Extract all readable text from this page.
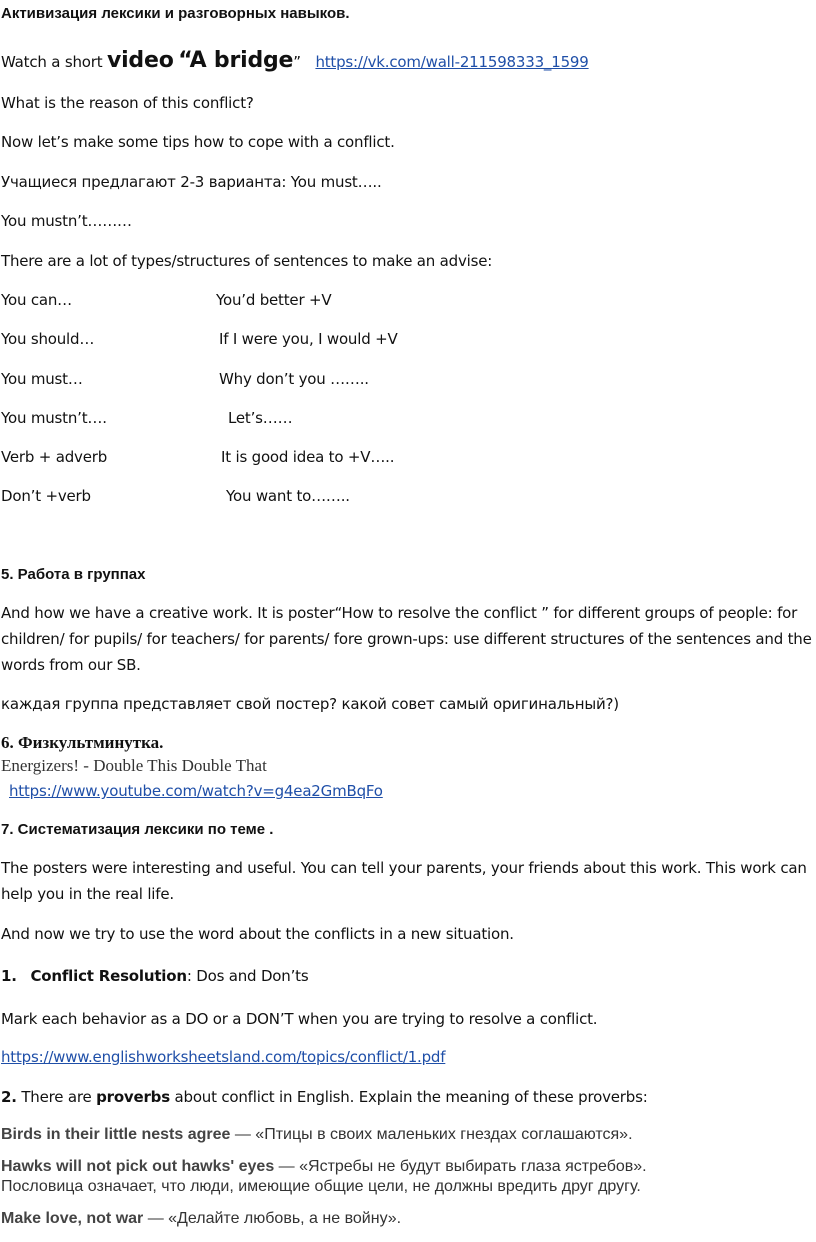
Активизация лексики и разговорных навыков.
Watch a short video “A bridge” https://vk.com/wall-211598333_1599
What is the reason of this conflict?
Now let’s make some tips how to cope with a conflict.
Учащиеся предлагают 2-3 варианта: You must…..
You mustn’t………
There are a lot of types/structures of sentences to make an advise:
You can…	You’d better +V
You should…	If I were you, I would +V
You must…	Why don’t you ……..
You mustn’t….	Let’s……
Verb + adverb	It is good idea to +V…..
Don’t +verb	You want to……..
5. Работа в группах
And how we have a creative work. It is poster“How to resolve the conflict ” for different groups of people: for children/ for pupils/ for teachers/ for parents/ fore grown-ups: use different structures of the sentences and the words from our SB.
каждая группа представляет свой постер? какой совет самый оригинальный?)
6. Физкультминутка.
Energizers! - Double This Double That
https://www.youtube.com/watch?v=g4ea2GmBqFo
7. Систематизация лексики по теме .
The posters were interesting and useful. You can tell your parents, your friends about this work. This work can help you in the real life.
And now we try to use the word about the conflicts in a new situation.
1. Conflict Resolution: Dos and Don’ts
Mark each behavior as a DO or a DON’T when you are trying to resolve a conflict.
https://www.englishworksheetsland.com/topics/conflict/1.pdf
2. There are proverbs about conflict in English. Explain the meaning of these proverbs:
Birds in their little nests agree — «Птицы в своих маленьких гнездах соглашаются».
Hawks will not pick out hawks' eyes — «Ястребы не будут выбирать глаза ястребов».
Пословица означает, что люди, имеющие общие цели, не должны вредить друг другу.
Make love, not war — «Делайте любовь, а не войну».
